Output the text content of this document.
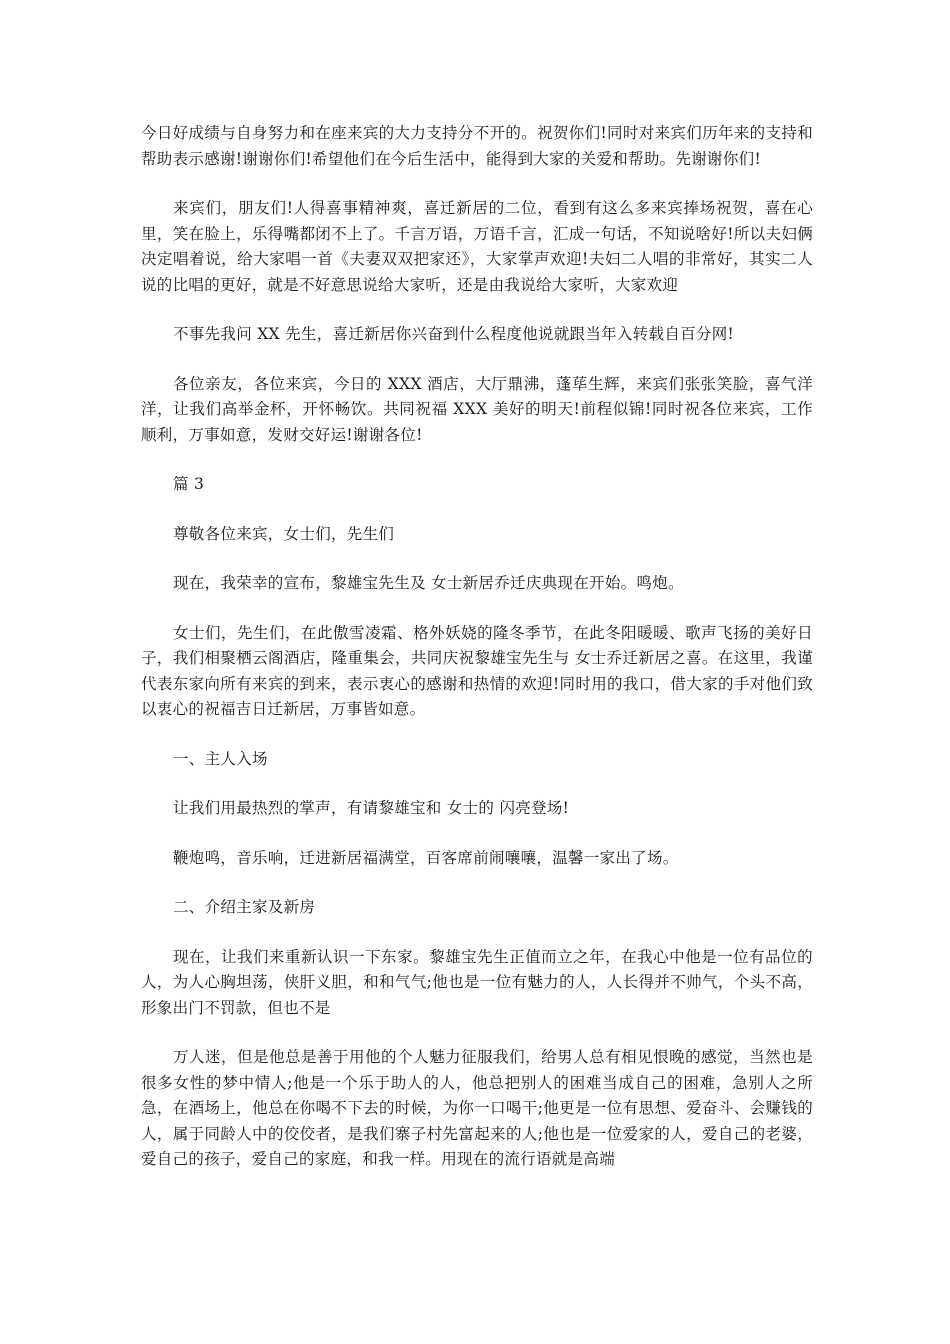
今日好成绩与自身努力和在座来宾的大力支持分不开的。祝贺你们!同时对来宾们历年来的支持和帮助表示感谢!谢谢你们!希望他们在今后生活中，能得到大家的关爱和帮助。先谢谢你们!

来宾们，朋友们!人得喜事精神爽，喜迁新居的二位，看到有这么多来宾捧场祝贺，喜在心里，笑在脸上，乐得嘴都闭不上了。千言万语，万语千言，汇成一句话，不知说啥好!所以夫妇俩决定唱着说，给大家唱一首《夫妻双双把家还》，大家掌声欢迎!夫妇二人唱的非常好，其实二人说的比唱的更好，就是不好意思说给大家听，还是由我说给大家听，大家欢迎

不事先我问 XX 先生，喜迁新居你兴奋到什么程度他说就跟当年入转载自百分网!

各位亲友，各位来宾，今日的 XXX 酒店，大厅鼎沸，蓬荜生辉，来宾们张张笑脸，喜气洋洋，让我们高举金杯，开怀畅饮。共同祝福 XXX 美好的明天!前程似锦!同时祝各位来宾，工作顺利，万事如意，发财交好运!谢谢各位!

篇 3

尊敬各位来宾，女士们，先生们

现在，我荣幸的宣布，黎雄宝先生及 女士新居乔迁庆典现在开始。鸣炮。

女士们，先生们，在此傲雪凌霜、格外妖娆的隆冬季节，在此冬阳暖暖、歌声飞扬的美好日子，我们相聚栖云阁酒店，隆重集会，共同庆祝黎雄宝先生与 女士乔迁新居之喜。在这里，我谨代表东家向所有来宾的到来，表示衷心的感谢和热情的欢迎!同时用的我口，借大家的手对他们致以衷心的祝福吉日迁新居，万事皆如意。

一、主人入场

让我们用最热烈的掌声，有请黎雄宝和 女士的 闪亮登场!

鞭炮鸣，音乐响，迁进新居福满堂，百客席前闹嚷嚷，温馨一家出了场。

二、介绍主家及新房

现在，让我们来重新认识一下东家。黎雄宝先生正值而立之年，在我心中他是一位有品位的人，为人心胸坦荡，侠肝义胆，和和气气;他也是一位有魅力的人，人长得并不帅气，个头不高，形象出门不罚款，但也不是

万人迷，但是他总是善于用他的个人魅力征服我们，给男人总有相见恨晚的感觉，当然也是很多女性的梦中情人;他是一个乐于助人的人，他总把别人的困难当成自己的困难，急别人之所急，在酒场上，他总在你喝不下去的时候，为你一口喝干;他更是一位有思想、爱奋斗、会赚钱的人，属于同龄人中的佼佼者，是我们寨子村先富起来的人;他也是一位爱家的人，爱自己的老婆，爱自己的孩子，爱自己的家庭，和我一样。用现在的流行语就是高端
